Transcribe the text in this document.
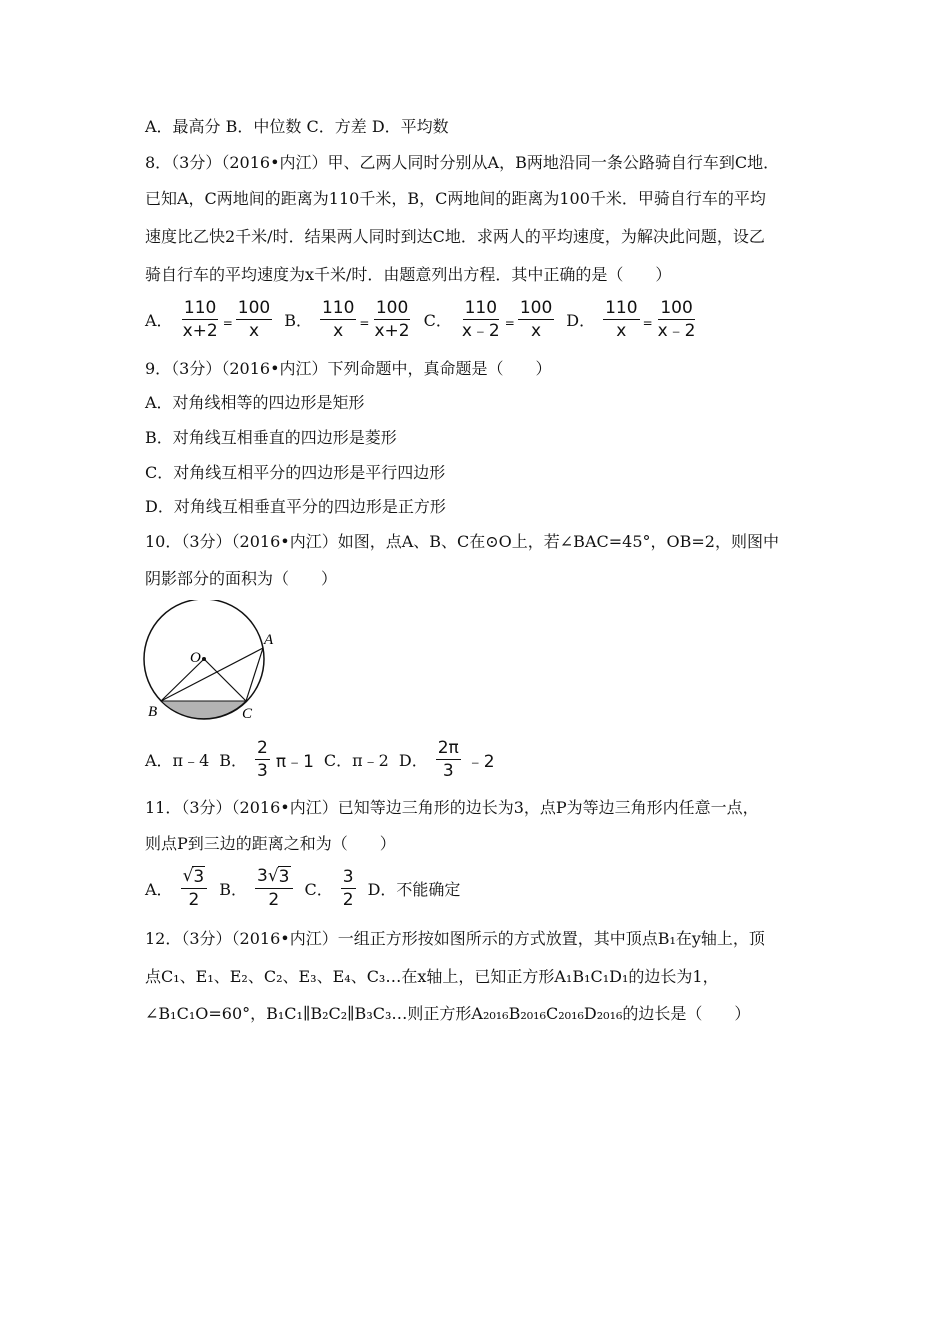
A．最高分 B．中位数 C．方差 D．平均数
8．（3分）（2016•内江）甲、乙两人同时分别从A，B两地沿同一条公路骑自行车到C地．
已知A，C两地间的距离为110千米，B，C两地间的距离为100千米．甲骑自行车的平均
速度比乙快2千米/时．结果两人同时到达C地．求两人的平均速度，为解决此问题，设乙
骑自行车的平均速度为x千米/时．由题意列出方程．其中正确的是（　　）
A． $\frac{110}{x+2} = \frac{100}{x}$ B． $\frac{110}{x} = \frac{100}{x+2}$ C． $\frac{110}{x﹣2} = \frac{100}{x}$ D． $\frac{110}{x} = \frac{100}{x﹣2}$
9．（3分）（2016•内江）下列命题中，真命题是（　　）
A．对角线相等的四边形是矩形
B．对角线互相垂直的四边形是菱形
C．对角线互相平分的四边形是平行四边形
D．对角线互相垂直平分的四边形是正方形
10．（3分）（2016•内江）如图，点A、B、C在⊙O上，若∠BAC=45°，OB=2，则图中
阴影部分的面积为（　　）
O
A
B	C
A．π﹣4 B． $\frac{2}{3}$ π﹣1 C．π﹣2 D． $\frac{2\pi}{3}$ ﹣2
11．（3分）（2016•内江）已知等边三角形的边长为3，点P为等边三角形内任意一点，
则点P到三边的距离之和为（　　）
A． $\frac{√ 3}{2}$ B． $\frac{3 √ 3}{2}$ C． $\frac{3}{2}$ D．不能确定
12．（3分）（2016•内江）一组正方形按如图所示的方式放置，其中顶点B₁在y轴上，顶
点C₁、E₁、E₂、C₂、E₃、E₄、C₃…在x轴上，已知正方形A₁B₁C₁D₁的边长为1，
∠B₁C₁O=60°，B₁C₁∥B₂C₂∥B₃C₃…则正方形A₂₀₁₆B₂₀₁₆C₂₀₁₆D₂₀₁₆的边长是（　　）
